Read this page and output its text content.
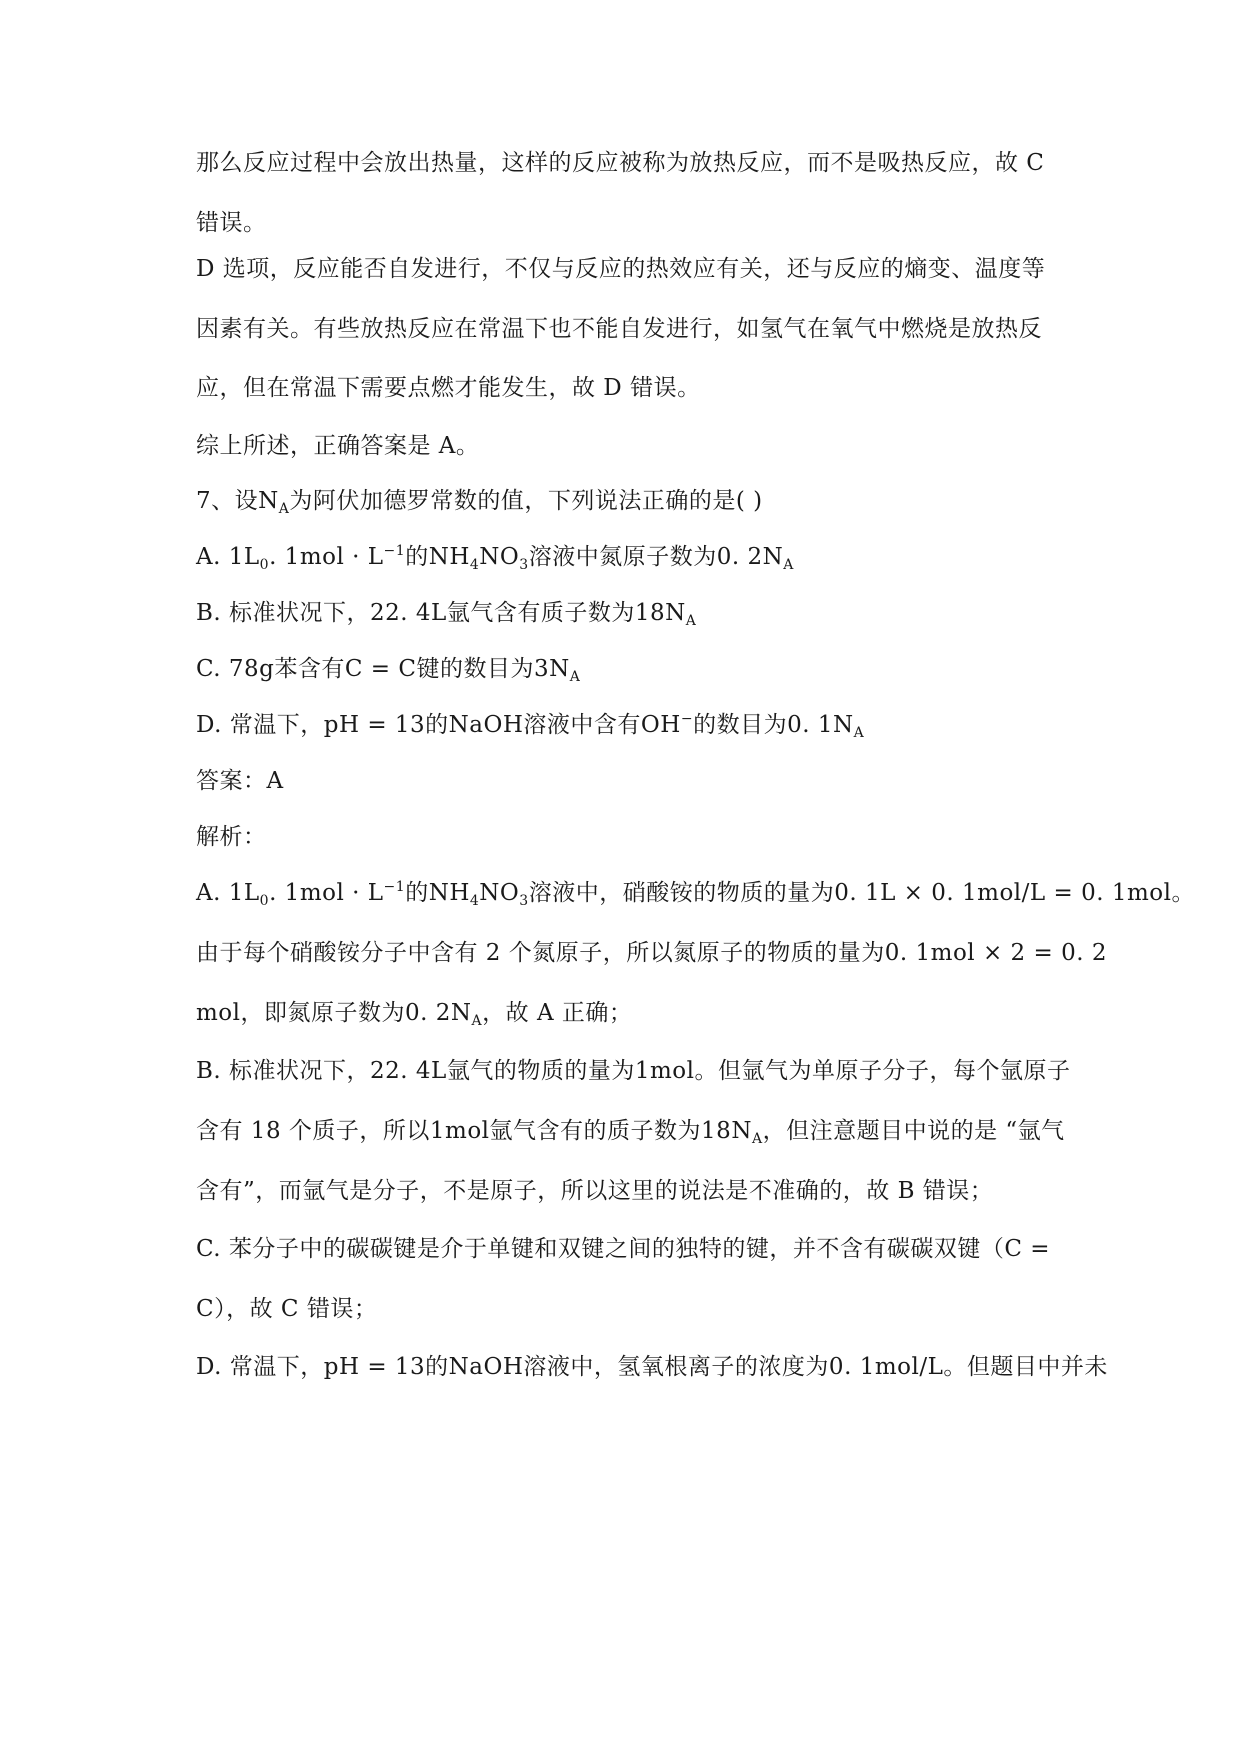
那么反应过程中会放出热量，这样的反应被称为放热反应，而不是吸热反应，故 C
错误。
D 选项，反应能否自发进行，不仅与反应的热效应有关，还与反应的熵变、温度等
因素有关。有些放热反应在常温下也不能自发进行，如氢气在氧气中燃烧是放热反
应，但在常温下需要点燃才能发生，故 D 错误。
综上所述，正确答案是 A。
7、设$N_A$为阿伏加德罗常数的值，下列说法正确的是( )
A. $1L_0$. $1mol \cdot L^{-1}$的$NH_4NO_3$溶液中氮原子数为0. $2N_A$
B. 标准状况下，22. 4L氩气含有质子数为$18N_A$
C. 78g苯含有C = C键的数目为$3N_A$
D. 常温下，pH = 13的NaOH溶液中含有OH−的数目为0. $1N_A$
答案：A
解析：
A. $1L_0$. $1mol \cdot L^{-1}$的$NH_4NO_3$溶液中，硝酸铵的物质的量为0. 1L × 0. 1mol/L = 0. 1mol。
由于每个硝酸铵分子中含有 2 个氮原子，所以氮原子的物质的量为0. 1mol × 2 = 0. 2
mol，即氮原子数为0. $2N_A$，故 A 正确；
B. 标准状况下，22. 4L氩气的物质的量为1mol。但氩气为单原子分子，每个氩原子
含有 18 个质子，所以1mol氩气含有的质子数为$18N_A$，但注意题目中说的是 “氩气
含有”，而氩气是分子，不是原子，所以这里的说法是不准确的，故 B 错误；
C. 苯分子中的碳碳键是介于单键和双键之间的独特的键，并不含有碳碳双键（C =
C），故 C 错误；
D. 常温下，pH = 13的NaOH溶液中，氢氧根离子的浓度为0. 1mol/L。但题目中并未
